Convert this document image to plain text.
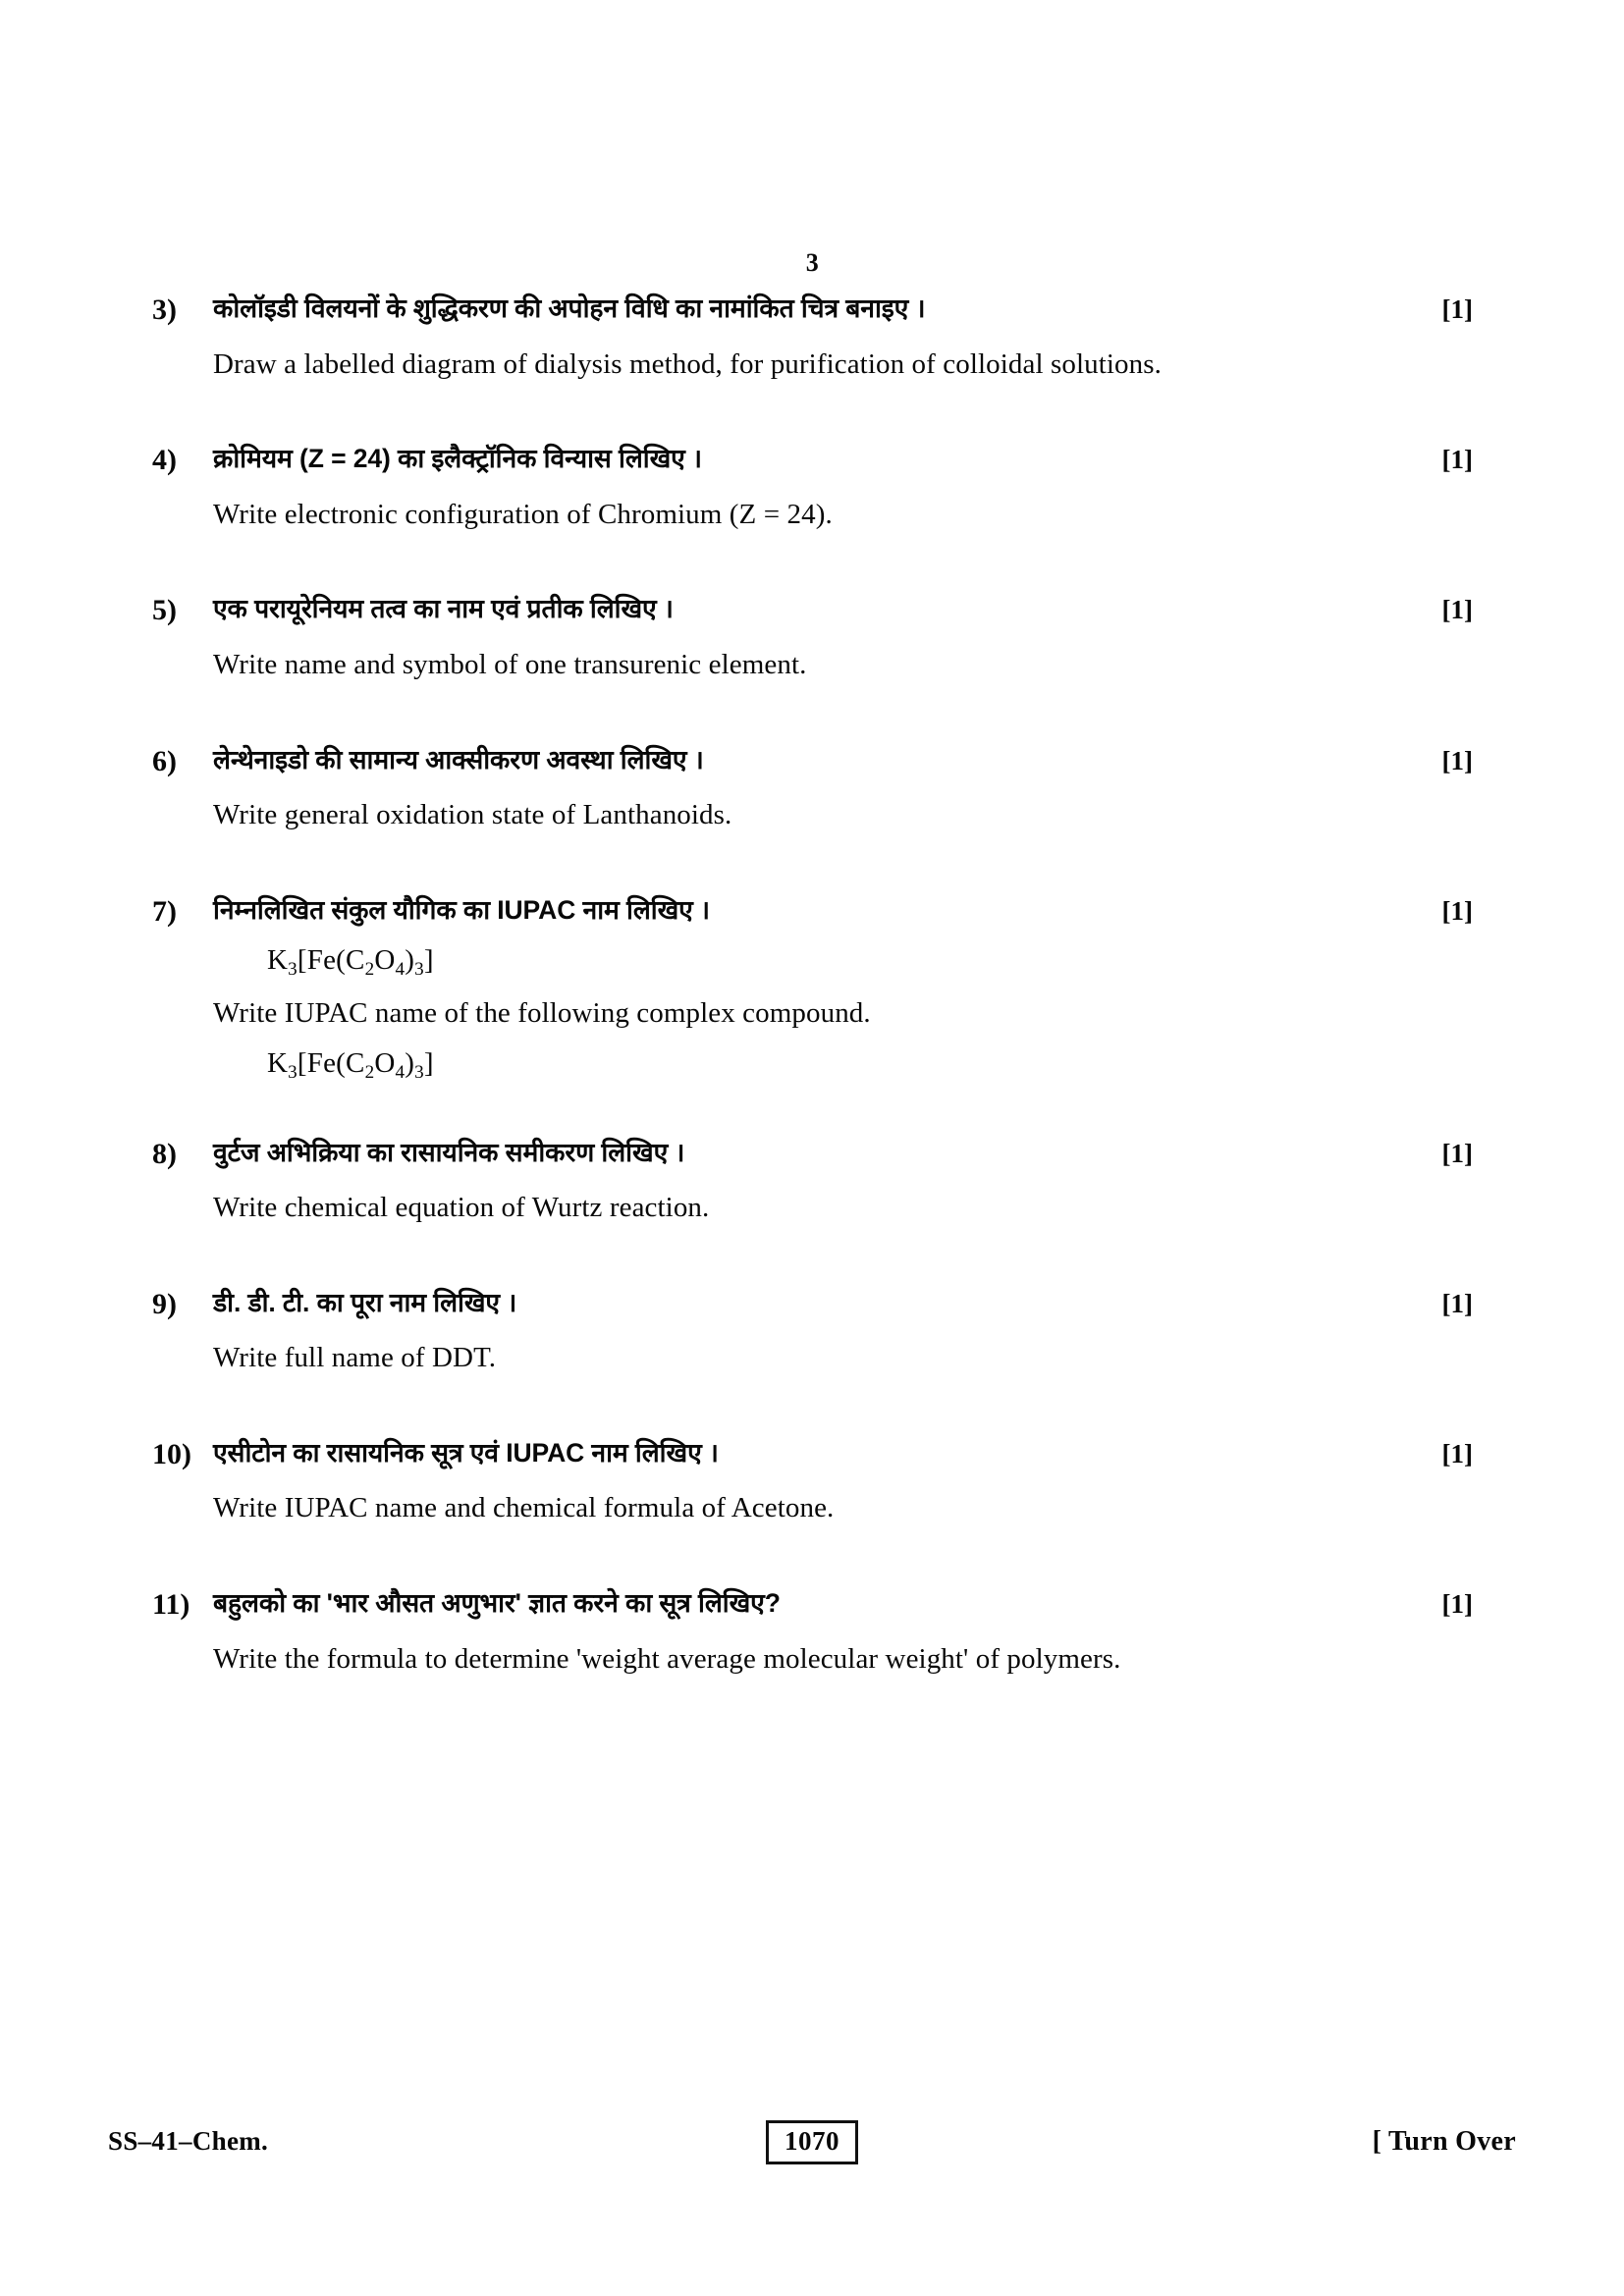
3
3)	कोलॉइडी विलयनों के शुद्धिकरण की अपोहन विधि का नामांकित चित्र बनाइए ।	[1]
Draw a labelled diagram of dialysis method, for purification of colloidal solutions.
4)	क्रोमियम (Z = 24) का इलैक्ट्रॉनिक विन्यास लिखिए ।	[1]
Write electronic configuration of Chromium (Z = 24).
5)	एक परायूरेनियम तत्व का नाम एवं प्रतीक लिखिए ।	[1]
Write name and symbol of one transurenic element.
6)	लेन्थेनाइडो की सामान्य आक्सीकरण अवस्था लिखिए ।	[1]
Write general oxidation state of Lanthanoids.
7)	निम्नलिखित संकुल यौगिक का IUPAC नाम लिखिए ।	[1]
$K_3[Fe(C_2O_4)_3]$
Write IUPAC name of the following complex compound.
$K_3[Fe(C_2O_4)_3]$
8)	वुर्टज अभिक्रिया का रासायनिक समीकरण लिखिए ।	[1]
Write chemical equation of Wurtz reaction.
9)	डी. डी. टी. का पूरा नाम लिखिए ।	[1]
Write full name of DDT.
10) एसीटोन का रासायनिक सूत्र एवं IUPAC नाम लिखिए ।	[1]
Write IUPAC name and chemical formula of Acetone.
11) बहुलको का 'भार औसत अणुभार' ज्ञात करने का सूत्र लिखिए?	[1]
Write the formula to determine 'weight average molecular weight' of polymers.
SS–41–Chem.	1070	[ Turn Over
